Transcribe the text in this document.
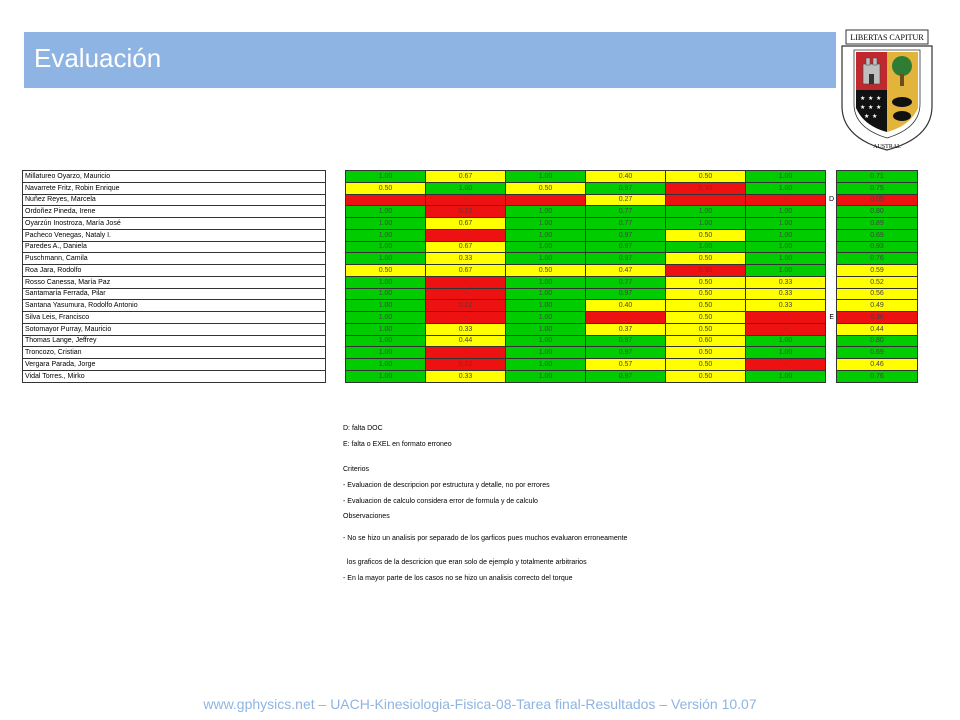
Evaluación
LIBERTAS CAPITUR
★ ★ ★
★ ★ ★
★ ★
AUSTRAL
Millatureo Oyarzo, Mauricio		1.00	0.67	1.00	0.40	0.50	1.00		0.71
Navarrete Fritz, Robin Enrique		0.50	1.00	0.50	0.97	0.30	1.00		0.75
Nuñez Reyes, Marcela			-		0.27		-	D	0.05
Ordoñez Pineda, Irene		1.00	0.22	1.00	0.77	1.00	1.00		0.80
Oyarzún Inostroza, María José		1.00	0.67	1.00	0.77	1.00	1.00		0.89
Pacheco Venegas, Nataly I.		1.00	-	1.00	0.97	0.50	1.00		0.69
Paredes A., Daniela		1.00	0.67	1.00	0.97	1.00	1.00		0.93
Puschmann, Camila		1.00	0.33	1.00	0.97	0.50	1.00		0.76
Roa Jara, Rodolfo		0.50	0.67	0.50	0.47	0.30	1.00		0.59
Rosso Canessa, María Paz		1.00	-	1.00	0.77	0.50	0.33		0.52
Santamaría Ferrada, Pilar		1.00	-	1.00	0.97	0.50	0.33		0.56
Santana Yasumura, Rodolfo Antonio		1.00	0.22	1.00	0.40	0.50	0.33		0.49
Silva Leis, Francisco		1.00	-	1.00		0.50		E	0.36
Sotomayor Purray, Mauricio		1.00	0.33	1.00	0.37	0.50	-		0.44
Thomas Lange, Jeffrey		1.00	0.44	1.00	0.97	0.60	1.00		0.80
Troncozo, Cristian		1.00	-	1.00	0.97	0.50	1.00		0.69
Vergara Parada, Jorge		1.00	0.22	1.00	0.57	0.50	-		0.46
Vidal Torres., Mirko		1.00	0.33	1.00	0.97	0.50	1.00		0.76
D: falta DOC
E: falta o EXEL en formato erroneo
Criterios
- Evaluacion de descripcion por estructura y detalle, no por errores
- Evaluacion de calculo considera error de formula y de calculo
Observaciones
- No se hizo un analisis por separado de los garficos pues muchos evaluaron erroneamente
los graficos de la descricion que eran solo de ejemplo y totalmente arbitrarios
- En la mayor parte de los casos no se hizo un analisis correcto del torque
www.gphysics.net – UACH-Kinesiologia-Fisica-08-Tarea final-Resultados – Versión 10.07
